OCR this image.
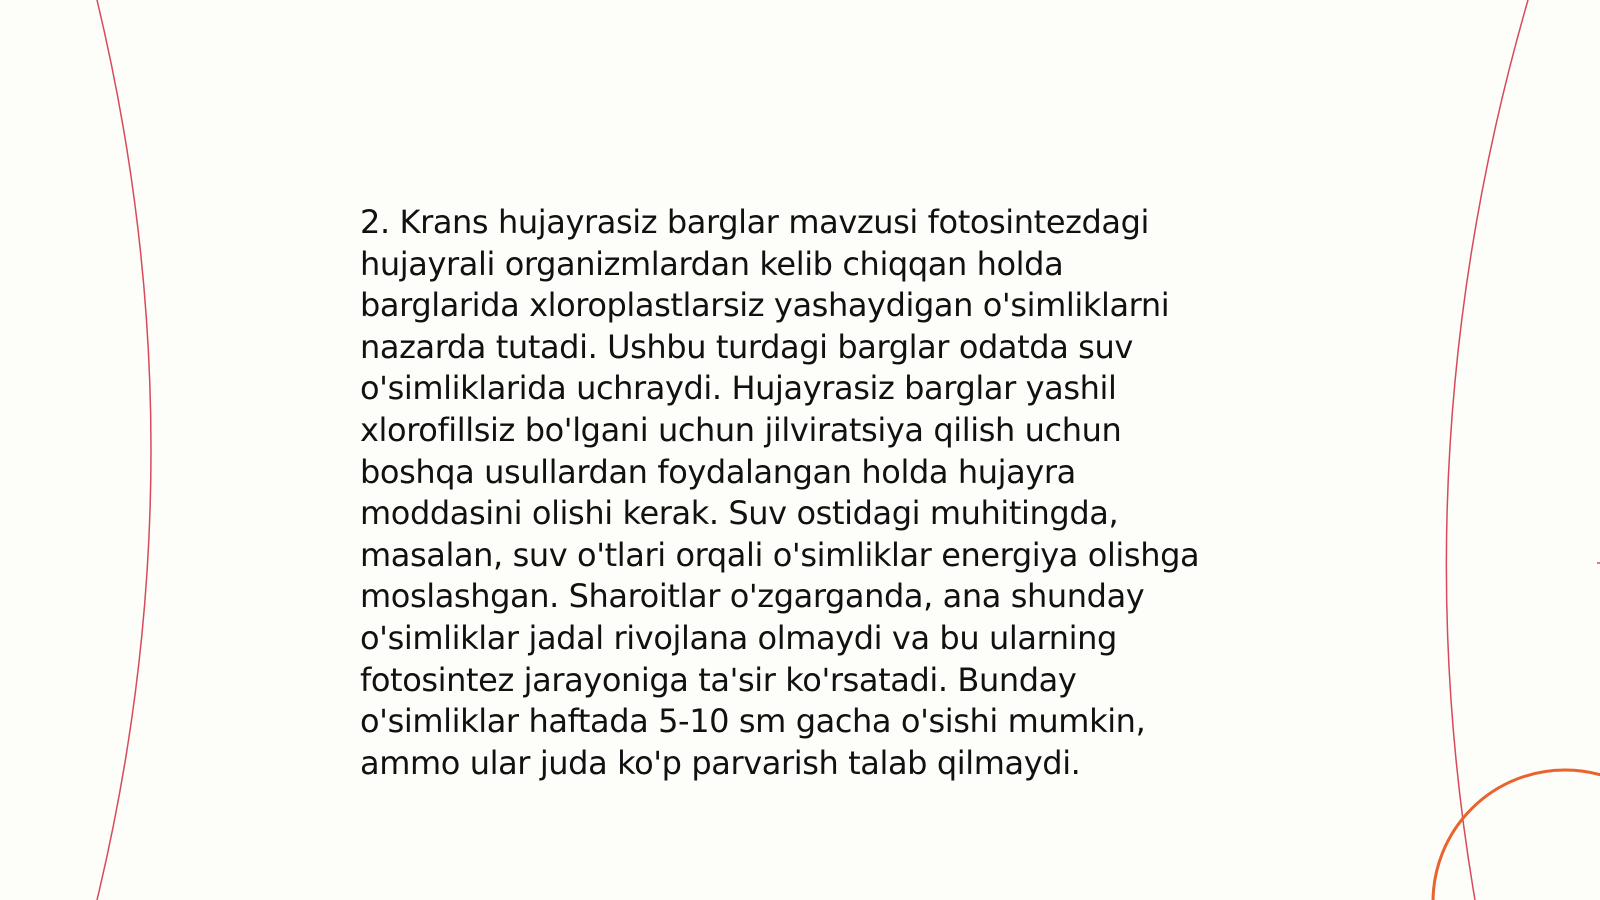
2. Krans hujayrasiz barglar mavzusi fotosintezdagi
hujayrali organizmlardan kelib chiqqan holda
barglarida xloroplastlarsiz yashaydigan o'simliklarni
nazarda tutadi. Ushbu turdagi barglar odatda suv
o'simliklarida uchraydi. Hujayrasiz barglar yashil
xlorofillsiz bo'lgani uchun jilviratsiya qilish uchun
boshqa usullardan foydalangan holda hujayra
moddasini olishi kerak. Suv ostidagi muhitingda,
masalan, suv o'tlari orqali o'simliklar energiya olishga
moslashgan. Sharoitlar o'zgarganda, ana shunday
o'simliklar jadal rivojlana olmaydi va bu ularning
fotosintez jarayoniga ta'sir ko'rsatadi. Bunday
o'simliklar haftada 5-10 sm gacha o'sishi mumkin,
ammo ular juda ko'p parvarish talab qilmaydi.
